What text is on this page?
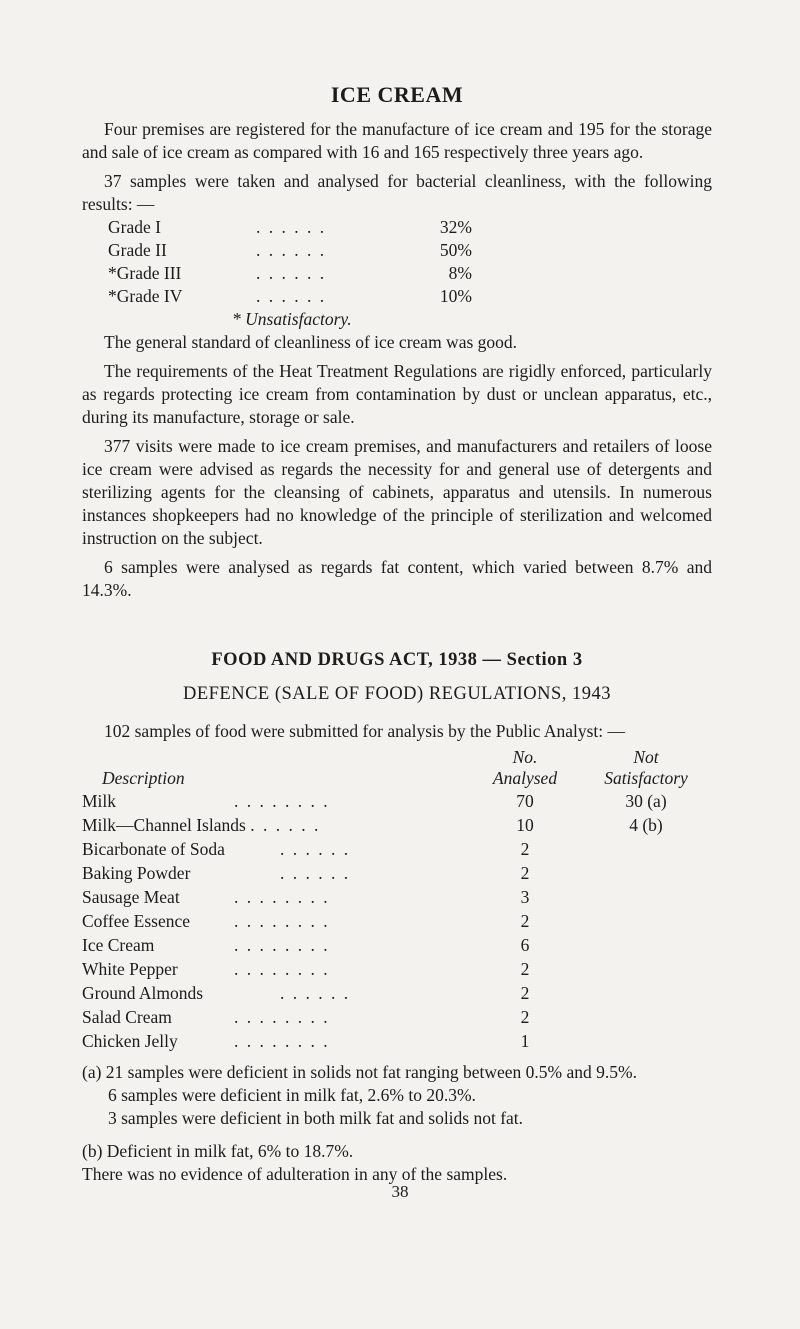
ICE CREAM

Four premises are registered for the manufacture of ice cream and 195 for the storage and sale of ice cream as compared with 16 and 165 respectively three years ago.

37 samples were taken and analysed for bacterial cleanliness, with the following results: —

Grade I	. . . . . .	32%
Grade II	. . . . . .	50%
*Grade III	. . . . . .	8%
*Grade IV	. . . . . .	10%
* Unsatisfactory.

The general standard of cleanliness of ice cream was good.

The requirements of the Heat Treatment Regulations are rigidly enforced, particularly as regards protecting ice cream from contamination by dust or unclean apparatus, etc., during its manufacture, storage or sale.

377 visits were made to ice cream premises, and manufacturers and retailers of loose ice cream were advised as regards the necessity for and general use of detergents and sterilizing agents for the cleansing of cabinets, apparatus and utensils. In numerous instances shopkeepers had no knowledge of the principle of sterilization and welcomed instruction on the subject.

6 samples were analysed as regards fat content, which varied between 8.7% and 14.3%.

FOOD AND DRUGS ACT, 1938 — Section 3
DEFENCE (SALE OF FOOD) REGULATIONS, 1943

102 samples of food were submitted for analysis by the Public Analyst: —

Description
No.
Analysed
Not
Satisfactory
Milk	. . . . . . . .	70	30 (a)
Milk—Channel Islands . . . . . .	10	4 (b)
Bicarbonate of Soda	. . . . . .	2
Baking Powder	. . . . . .	2
Sausage Meat	. . . . . . . .	3
Coffee Essence	. . . . . . . .	2
Ice Cream	. . . . . . . .	6
White Pepper	. . . . . . . .	2
Ground Almonds	. . . . . .	2
Salad Cream	. . . . . . . .	2
Chicken Jelly	. . . . . . . .	1
(a) 21 samples were deficient in solids not fat ranging between 0.5% and 9.5%.
6 samples were deficient in milk fat, 2.6% to 20.3%.
3 samples were deficient in both milk fat and solids not fat.
(b) Deficient in milk fat, 6% to 18.7%.
There was no evidence of adulteration in any of the samples.
38
